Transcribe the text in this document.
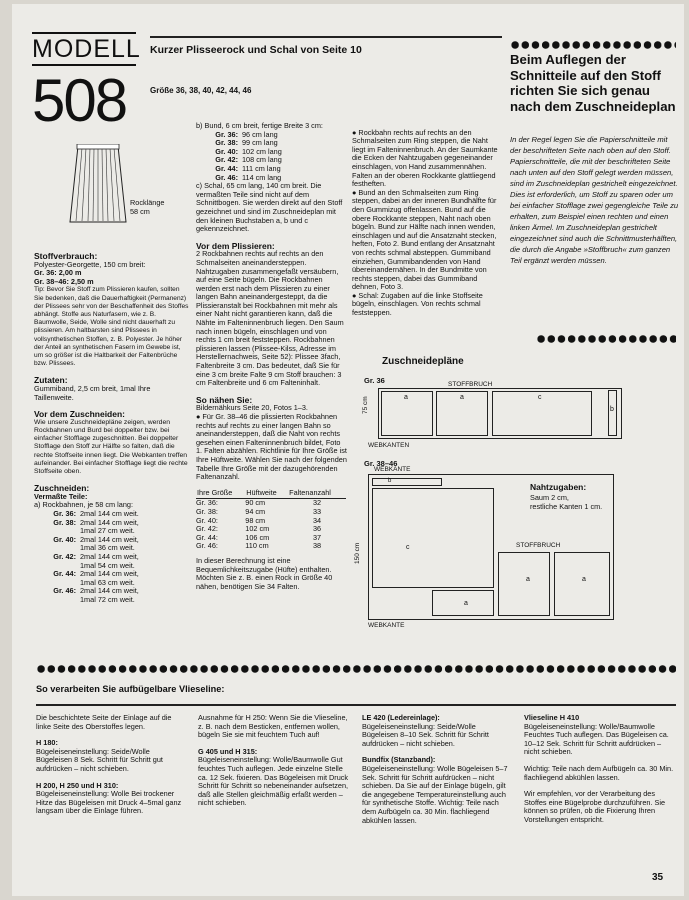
MODELL
508
Rocklänge
58 cm
Kurzer Plisseerock und Schal von Seite 10
Größe 36, 38, 40, 42, 44, 46
Stoffverbrauch:
Polyester-Georgette, 150 cm breit:
Gr. 36: 2,00 m
Gr. 38–46: 2,50 m
Tip: Bevor Sie Stoff zum Plissieren kaufen, sollten Sie bedenken, daß die Dauerhaftigkeit (Permanenz) der Plissees sehr von der Beschaffenheit des Stoffes abhängt. Stoffe aus Naturfasern, wie z. B. Baumwolle, Seide, Wolle sind nicht dauerhaft zu plissieren. Am haltbarsten sind Plissees in vollsynthetischen Stoffen, z. B. Polyester. Je höher der Anteil an synthetischen Fasern im Gewebe ist, um so größer ist die Haltbarkeit der Faltenbrüche bzw. Plissees.
Zutaten:
Gummiband, 2,5 cm breit, 1mal Ihre Taillenweite.
Vor dem Zuschneiden:
Wie unsere Zuschneidepläne zeigen, werden Rockbahnen und Burd bei doppelter bzw. bei einfacher Stofflage zugeschnitten. Bei doppelter Stofflage den Stoff zur Hälfte so falten, daß die rechte Stoffseite innen liegt. Die Webkanten treffen aufeinander. Bei einfacher Stofflage liegt die rechte Stoffseite oben.
Zuschneiden:
Vermaßte Teile:
a) Rockbahnen, je 58 cm lang:
Gr. 36: 2mal 144 cm weit.
Gr. 38: 2mal 144 cm weit,
1mal 27 cm weit.
Gr. 40: 2mal 144 cm weit,
1mal 36 cm weit.
Gr. 42: 2mal 144 cm weit,
1mal 54 cm weit.
Gr. 44: 2mal 144 cm weit,
1mal 63 cm weit.
Gr. 46: 2mal 144 cm weit,
1mal 72 cm weit.
b) Bund, 6 cm breit, fertige Breite 3 cm:
Gr. 36: 96 cm lang
Gr. 38: 99 cm lang
Gr. 40: 102 cm lang
Gr. 42: 108 cm lang
Gr. 44: 111 cm lang
Gr. 46: 114 cm lang
c) Schal, 65 cm lang, 140 cm breit. Die vermaßten Teile sind nicht auf dem Schnittbogen. Sie werden direkt auf den Stoff gezeichnet und sind im Zuschneideplan mit den kleinen Buchstaben a, b und c gekennzeichnet.
Vor dem Plissieren:
2 Rockbahnen rechts auf rechts an den Schmalseiten aneinandersteppen. Nahtzugaben zusammengefaßt versäubern, auf eine Seite bügeln. Die Rockbahnen werden erst nach dem Plissieren zu einer langen Bahn aneinandergesteppt, da die Plissieranstalt bei Rockbahnen mit mehr als einer Naht nicht garantieren kann, daß die Nähte im Falteninnenbruch liegen. Den Saum nach innen bügeln, einschlagen und von rechts 1 cm breit feststeppen. Rockbahnen plissieren lassen (Plissee-Kilss, Adresse im Herstellernachweis, Seite 52): Plissee 3fach, Faltenbreite 3 cm. Das bedeutet, daß Sie für eine 3 cm breite Falte 9 cm Stoff brauchen: 3 cm Faltenbreite und 6 cm Falteninhalt.
So nähen Sie:
Bildernähkurs Seite 20, Fotos 1–3.
● Für Gr. 38–46 die plissierten Rockbahnen rechts auf rechts zu einer langen Bahn so aneinandersteppen, daß die Naht von rechts gesehen einen Falteninnenbruch bildet, Foto 1. Falten abzählen. Richtlinie für Ihre Größe ist Ihre Hüftweite. Wählen Sie nach der folgenden Tabelle Ihre Größe mit der dazugehörenden Faltenanzahl.
Ihre Größe	Hüftweite	Faltenanzahl
Gr. 36:	90 cm	32
Gr. 38:	94 cm	33
Gr. 40:	98 cm	34
Gr. 42:	102 cm	36
Gr. 44:	106 cm	37
Gr. 46:	110 cm	38
In dieser Berechnung ist eine Bequemlichkeitszugabe (Hüfte) enthalten. Möchten Sie z. B. einen Rock in Größe 40 nähen, benötigen Sie 34 Falten.

● Rockbahn rechts auf rechts an den Schmalseiten zum Ring steppen, die Naht liegt im Falteninnenbruch. An der Saumkante die Ecken der Nahtzugaben gegeneinander einschlagen, von Hand zusammennähen. Falten an der oberen Rockkante glattliegend festheften.
● Bund an den Schmalseiten zum Ring steppen, dabei an der inneren Bundhälfte für den Gummizug offenlassen. Bund auf die obere Rockkante steppen, Naht nach oben bügeln. Bund zur Hälfte nach innen wenden, einschlagen und auf die Ansatznaht stecken, heften, Foto 2. Bund entlang der Ansatznaht von rechts schmal absteppen. Gummiband einziehen, Gummibandenden von Hand übereinandernähen. In der Bundmitte von rechts steppen, dabei das Gummiband dehnen, Foto 3.
● Schal: Zugaben auf die linke Stoffseite bügeln, einschlagen. Von rechts schmal feststeppen.

Beim Auflegen der Schnitteile auf den Stoff richten Sie sich genau nach dem Zuschneideplan
In der Regel legen Sie die Papierschnitteile mit der beschrifteten Seite nach oben auf den Stoff. Papierschnitteile, die mit der beschrifteten Seite nach unten auf den Stoff gelegt werden müssen, sind im Zuschneideplan gestrichelt eingezeichnet. Dies ist erforderlich, um Stoff zu sparen oder um bei einfacher Stofflage zwei gegengleiche Teile zu erhalten, zum Beispiel einen rechten und einen linken Ärmel. Im Zuschneideplan gestrichelt eingezeichnet sind auch die Schnittmusterhälften, die durch die Angabe »Stoffbruch« zum ganzen Teil ergänzt werden müssen.
Zuschneidepläne
Gr. 36
a	a	c
b
STOFFBRUCH
WEBKANTEN
75 cm
Gr. 38–46
WEBKANTE
b
c
a
a	a
STOFFBRUCH
WEBKANTE
150 cm
Nahtzugaben:
Saum 2 cm,
restliche Kanten 1 cm.
So verarbeiten Sie aufbügelbare Vlieseline:
Die beschichtete Seite der Einlage auf die linke Seite des Oberstoffes legen.
H 180:
Bügeleiseneinstellung: Seide/Wolle Bügeleisen 8 Sek. Schritt für Schritt gut aufdrücken – nicht schieben.
H 200, H 250 und H 310:
Bügeleiseneinstellung: Wolle Bei trockener Hitze das Bügeleisen mit Druck 4–5mal ganz langsam über die Einlage führen.
Ausnahme für H 250: Wenn Sie die Vlieseline, z. B. nach dem Besticken, entfernen wollen, bügeln Sie sie mit feuchtem Tuch auf!
G 405 und H 315:
Bügeleiseneinstellung: Wolle/Baumwolle Gut feuchtes Tuch auflegen. Jede einzelne Stelle ca. 12 Sek. fixieren. Das Bügeleisen mit Druck Schritt für Schritt so nebeneinander aufsetzen, daß alle Stellen gleichmäßig erfaßt werden – nicht schieben.
LE 420 (Ledereinlage):
Bügeleiseneinstellung: Seide/Wolle Bügeleisen 8–10 Sek. Schritt für Schritt aufdrücken – nicht schieben.
Bundfix (Stanzband):
Bügeleiseneinstellung: Wolle Bügeleisen 5–7 Sek. Schritt für Schritt aufdrücken – nicht schieben. Da Sie auf der Einlage bügeln, gilt die angegebene Temperatureinstellung auch für synthetische Stoffe. Wichtig: Teile nach dem Aufbügeln ca. 30 Min. flachliegend abkühlen lassen.
Vlieseline H 410
Bügeleiseneinstellung: Wolle/Baumwolle Feuchtes Tuch auflegen. Das Bügeleisen ca. 10–12 Sek. Schritt für Schritt aufdrücken – nicht schieben.
Wichtig: Teile nach dem Aufbügeln ca. 30 Min. flachliegend abkühlen lassen.
Wir empfehlen, vor der Verarbeitung des Stoffes eine Bügelprobe durchzuführen. Sie können so prüfen, ob die Fixierung Ihren Vorstellungen entspricht.
35
